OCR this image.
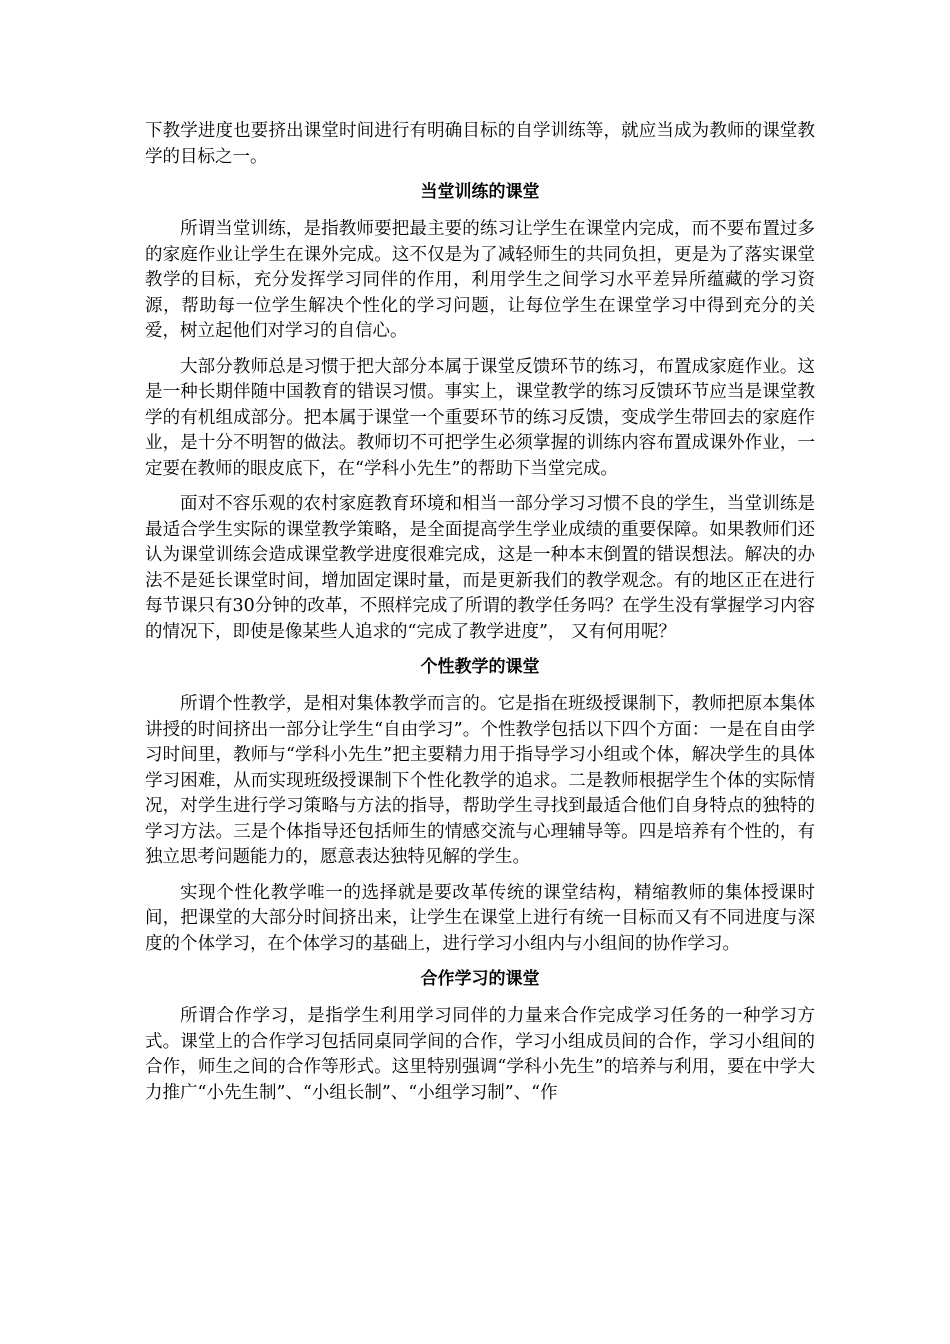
下教学进度也要挤出课堂时间进行有明确目标的自学训练等，就应当成为教师的课堂教学的目标之一。

当堂训练的课堂

所谓当堂训练，是指教师要把最主要的练习让学生在课堂内完成，而不要布置过多的家庭作业让学生在课外完成。这不仅是为了减轻师生的共同负担，更是为了落实课堂教学的目标，充分发挥学习同伴的作用，利用学生之间学习水平差异所蕴藏的学习资源，帮助每一位学生解决个性化的学习问题，让每位学生在课堂学习中得到充分的关爱，树立起他们对学习的自信心。

大部分教师总是习惯于把大部分本属于课堂反馈环节的练习，布置成家庭作业。这是一种长期伴随中国教育的错误习惯。事实上，课堂教学的练习反馈环节应当是课堂教学的有机组成部分。把本属于课堂一个重要环节的练习反馈，变成学生带回去的家庭作业，是十分不明智的做法。教师切不可把学生必须掌握的训练内容布置成课外作业，一定要在教师的眼皮底下，在“学科小先生”的帮助下当堂完成。

面对不容乐观的农村家庭教育环境和相当一部分学习习惯不良的学生，当堂训练是最适合学生实际的课堂教学策略，是全面提高学生学业成绩的重要保障。如果教师们还认为课堂训练会造成课堂教学进度很难完成，这是一种本末倒置的错误想法。解决的办法不是延长课堂时间，增加固定课时量，而是更新我们的教学观念。有的地区正在进行每节课只有30分钟的改革，不照样完成了所谓的教学任务吗？在学生没有掌握学习内容的情况下，即使是像某些人追求的“完成了教学进度”， 又有何用呢？

个性教学的课堂

所谓个性教学，是相对集体教学而言的。它是指在班级授课制下，教师把原本集体讲授的时间挤出一部分让学生“自由学习”。个性教学包括以下四个方面：一是在自由学习时间里，教师与“学科小先生”把主要精力用于指导学习小组或个体，解决学生的具体学习困难，从而实现班级授课制下个性化教学的追求。二是教师根据学生个体的实际情况，对学生进行学习策略与方法的指导，帮助学生寻找到最适合他们自身特点的独特的学习方法。三是个体指导还包括师生的情感交流与心理辅导等。四是培养有个性的，有独立思考问题能力的，愿意表达独特见解的学生。

实现个性化教学唯一的选择就是要改革传统的课堂结构，精缩教师的集体授课时间，把课堂的大部分时间挤出来，让学生在课堂上进行有统一目标而又有不同进度与深度的个体学习，在个体学习的基础上，进行学习小组内与小组间的协作学习。

合作学习的课堂

所谓合作学习，是指学生利用学习同伴的力量来合作完成学习任务的一种学习方式。课堂上的合作学习包括同桌同学间的合作，学习小组成员间的合作，学习小组间的合作，师生之间的合作等形式。这里特别强调“学科小先生”的培养与利用，要在中学大力推广“小先生制”、“小组长制”、“小组学习制”、“作
